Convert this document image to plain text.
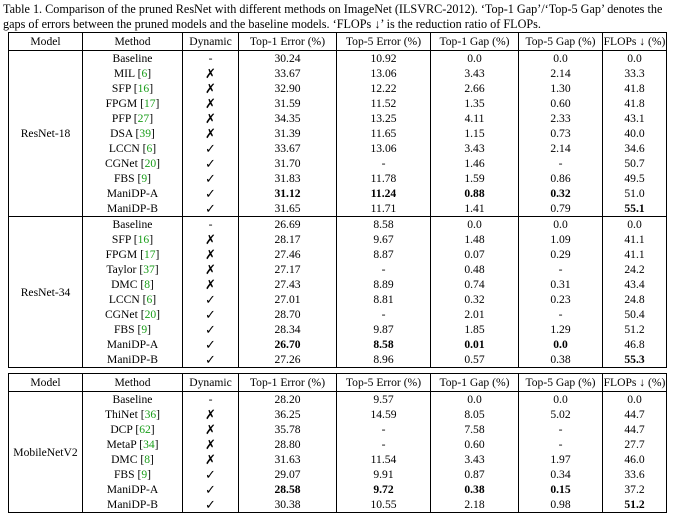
Table 1. Comparison of the pruned ResNet with different methods on ImageNet (ILSVRC-2012). ‘Top-1 Gap’/‘Top-5 Gap’ denotes the
gaps of errors between the pruned models and the baseline models. ‘FLOPs ↓’ is the reduction ratio of FLOPs.
Model	Method	Dynamic	Top-1 Error (%)	Top-5 Error (%)	Top-1 Gap (%)	Top-5 Gap (%)	FLOPs ↓ (%)
ResNet-18	Baseline	-	30.24	10.92	0.0	0.0	0.0
	MIL [6]	✗	33.67	13.06	3.43	2.14	33.3
	SFP [16]	✗	32.90	12.22	2.66	1.30	41.8
	FPGM [17]	✗	31.59	11.52	1.35	0.60	41.8
	PFP [27]	✗	34.35	13.25	4.11	2.33	43.1
	DSA [39]	✗	31.39	11.65	1.15	0.73	40.0
	LCCN [6]	✓	33.67	13.06	3.43	2.14	34.6
	CGNet [20]	✓	31.70	-	1.46	-	50.7
	FBS [9]	✓	31.83	11.78	1.59	0.86	49.5
	ManiDP-A	✓	31.12	11.24	0.88	0.32	51.0
	ManiDP-B	✓	31.65	11.71	1.41	0.79	55.1
ResNet-34	Baseline	-	26.69	8.58	0.0	0.0	0.0
	SFP [16]	✗	28.17	9.67	1.48	1.09	41.1
	FPGM [17]	✗	27.46	8.87	0.07	0.29	41.1
	Taylor [37]	✗	27.17	-	0.48	-	24.2
	DMC [8]	✗	27.43	8.89	0.74	0.31	43.4
	LCCN [6]	✓	27.01	8.81	0.32	0.23	24.8
	CGNet [20]	✓	28.70	-	2.01	-	50.4
	FBS [9]	✓	28.34	9.87	1.85	1.29	51.2
	ManiDP-A	✓	26.70	8.58	0.01	0.0	46.8
	ManiDP-B	✓	27.26	8.96	0.57	0.38	55.3
Model	Method	Dynamic	Top-1 Error (%)	Top-5 Error (%)	Top-1 Gap (%)	Top-5 Gap (%)	FLOPs ↓ (%)
MobileNetV2	Baseline	-	28.20	9.57	0.0	0.0	0.0
	ThiNet [36]	✗	36.25	14.59	8.05	5.02	44.7
	DCP [62]	✗	35.78	-	7.58	-	44.7
	MetaP [34]	✗	28.80	-	0.60	-	27.7
	DMC [8]	✗	31.63	11.54	3.43	1.97	46.0
	FBS [9]	✓	29.07	9.91	0.87	0.34	33.6
	ManiDP-A	✓	28.58	9.72	0.38	0.15	37.2
	ManiDP-B	✓	30.38	10.55	2.18	0.98	51.2
